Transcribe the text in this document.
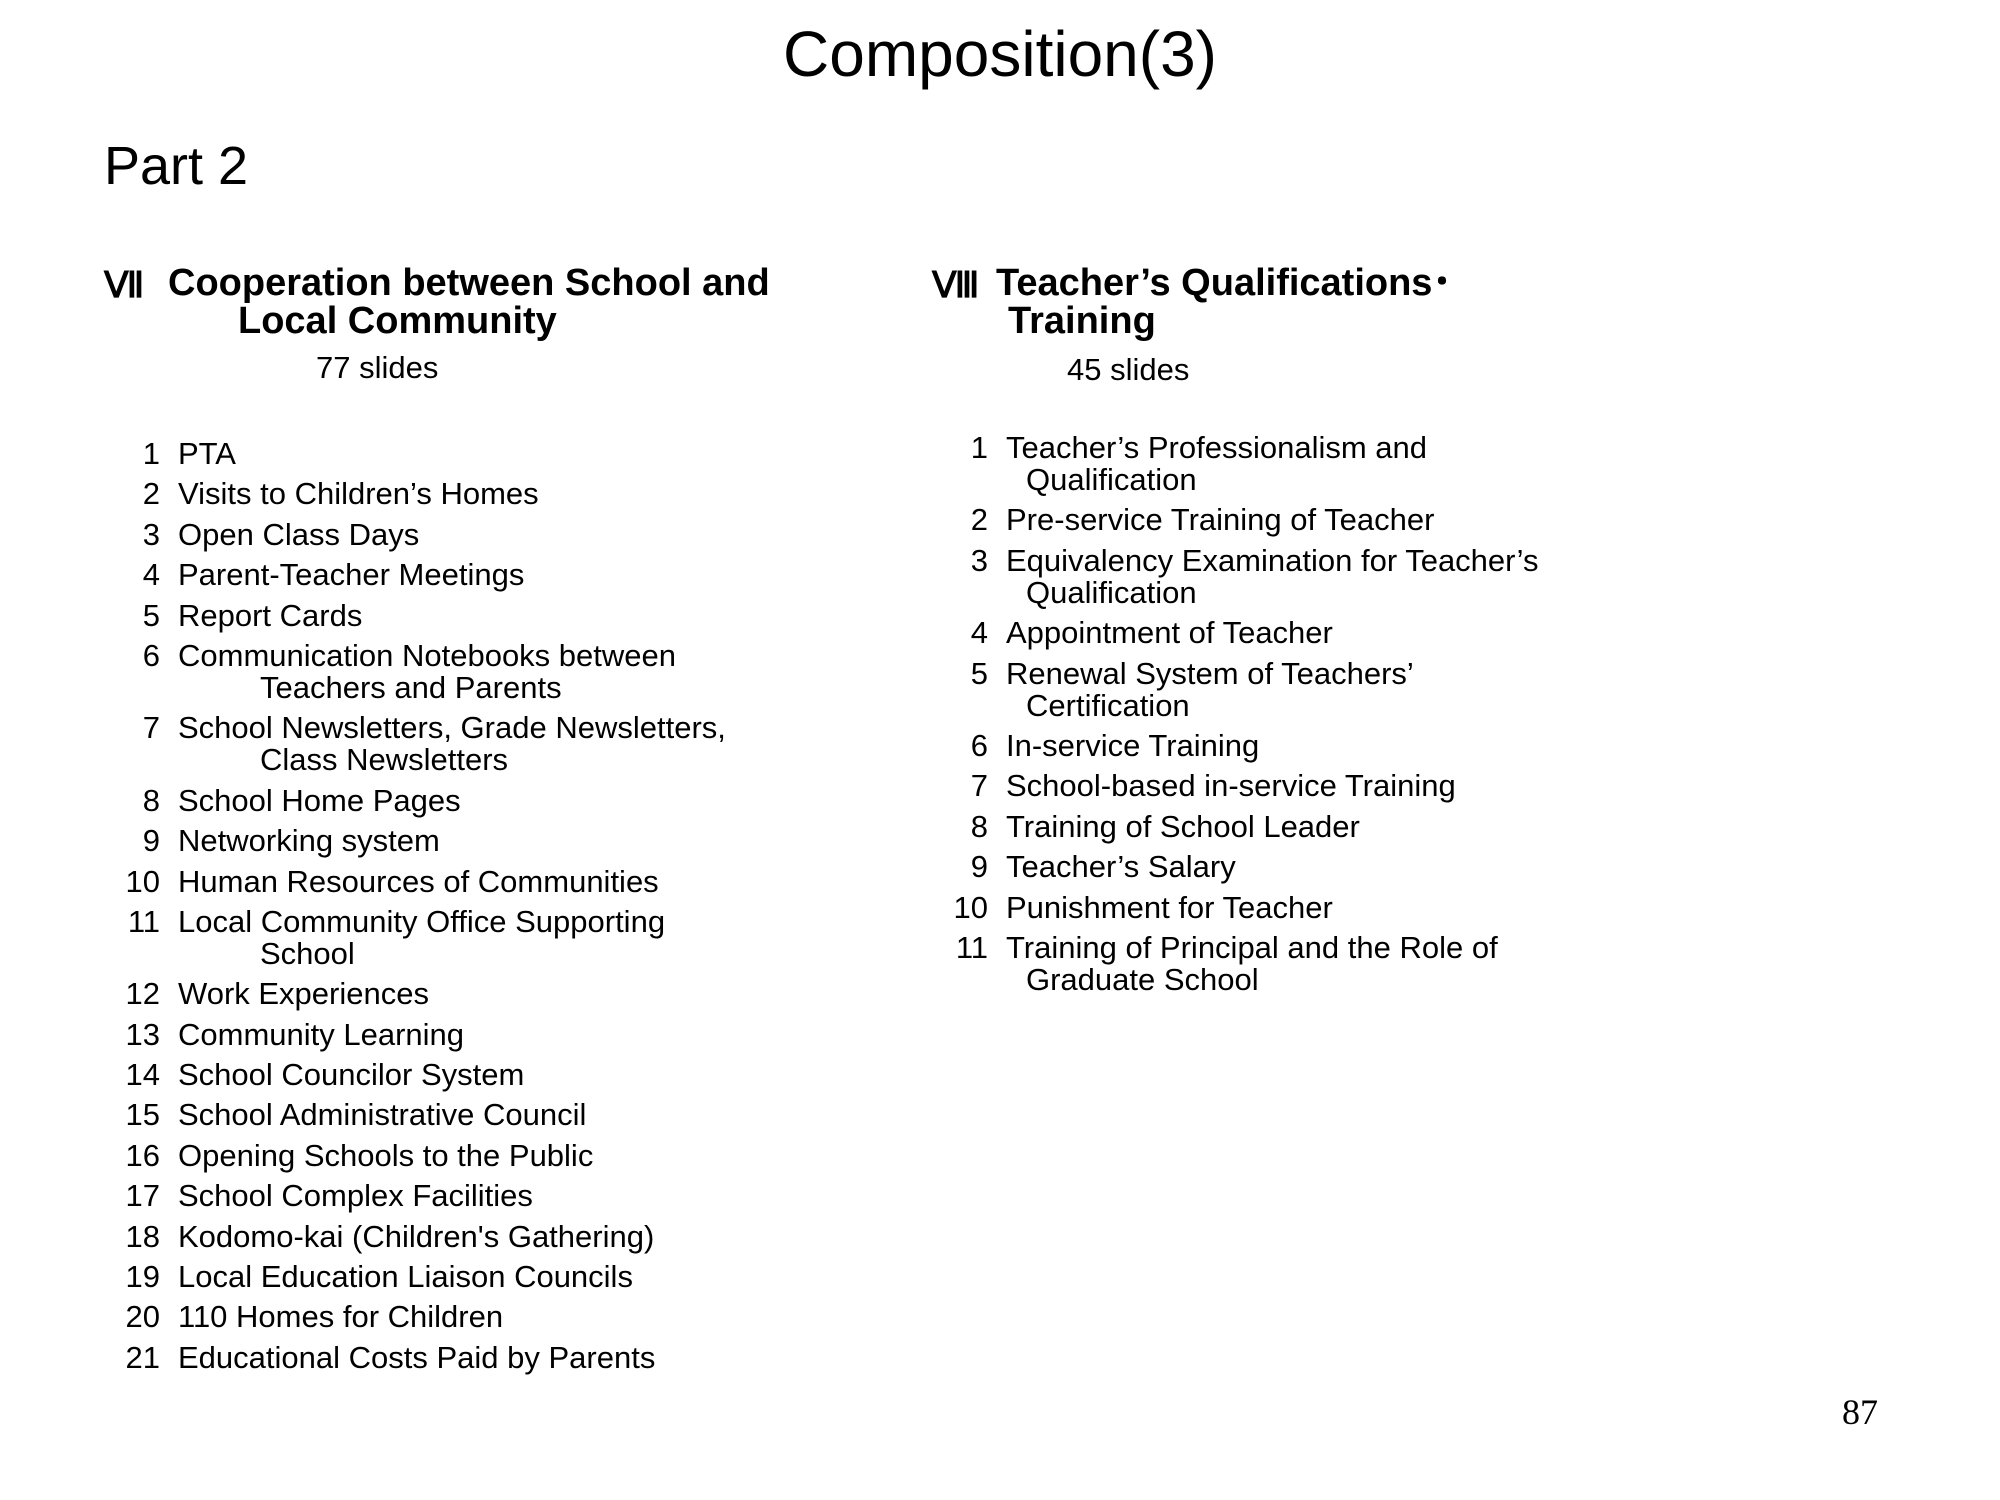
Composition(3)
Part 2
Ⅶ Cooperation between School and
Local Community
77 slides
1 PTA
2 Visits to Children’s Homes
3 Open Class Days
4 Parent-Teacher Meetings
5 Report Cards
6 Communication Notebooks between
Teachers and Parents
7 School Newsletters, Grade Newsletters,
Class Newsletters
8 School Home Pages
9 Networking system
10 Human Resources of Communities
11 Local Community Office Supporting
School
12 Work Experiences
13 Community Learning
14 School Councilor System
15 School Administrative Council
16 Opening Schools to the Public
17 School Complex Facilities
18 Kodomo-kai (Children's Gathering)
19 Local Education Liaison Councils
20 110 Homes for Children
21 Educational Costs Paid by Parents
Ⅷ Teacher’s Qualifications･
Training
45 slides
1 Teacher’s Professionalism and
Qualification
2 Pre-service Training of Teacher
3 Equivalency Examination for Teacher’s
Qualification
4 Appointment of Teacher
5 Renewal System of Teachers’
Certification
6 In-service Training
7 School-based in-service Training
8 Training of School Leader
9 Teacher’s Salary
10 Punishment for Teacher
11 Training of Principal and the Role of
Graduate School
87
